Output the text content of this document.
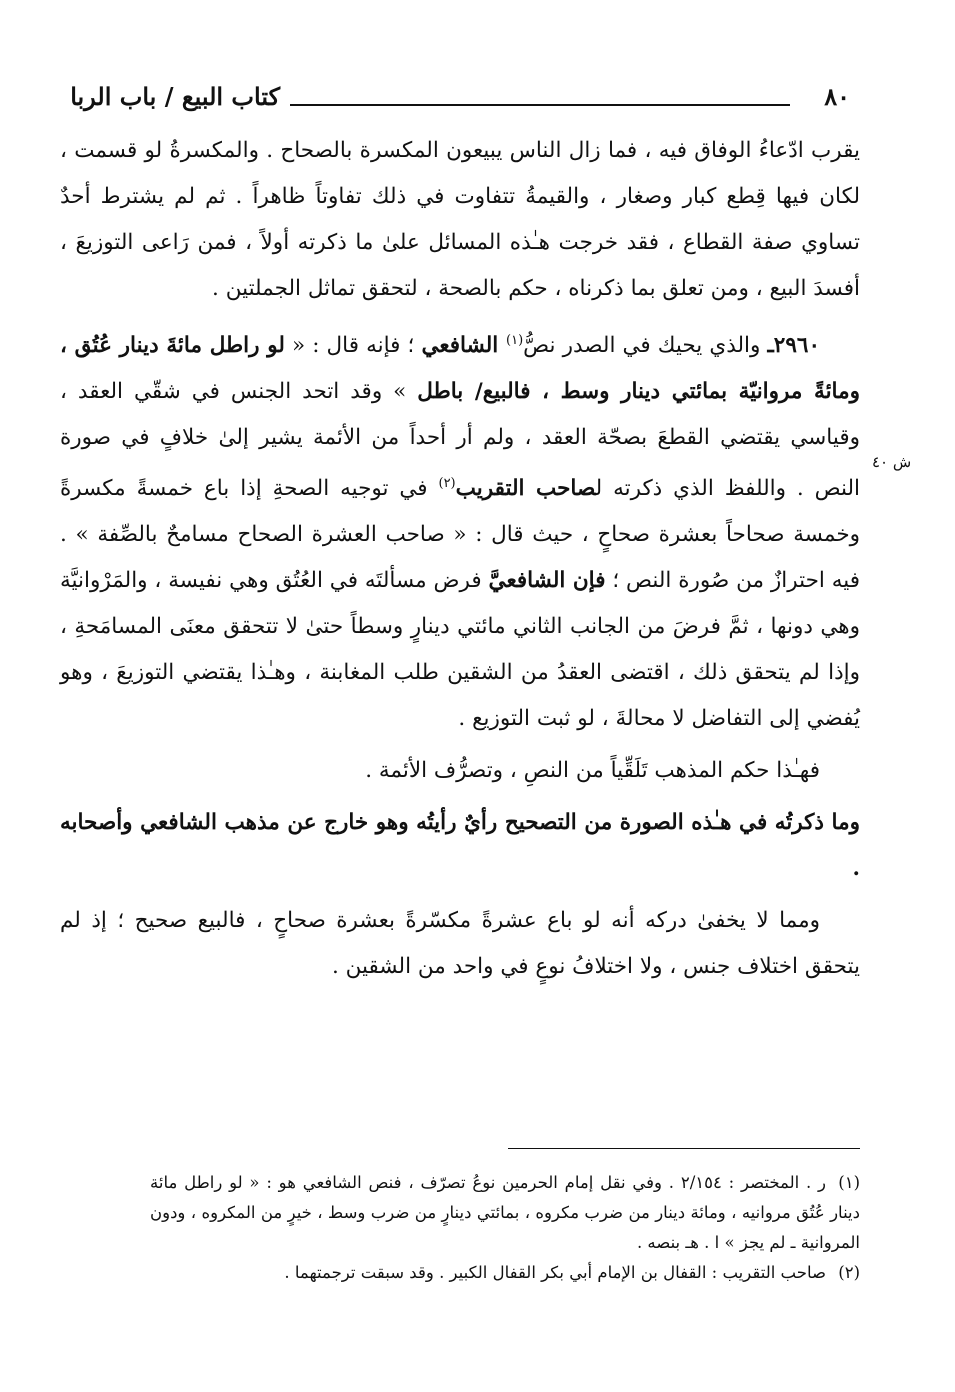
كتاب البيع / باب الربا	٨٠
ش ٤٠

يقرب ادّعاءُ الوفاق فيه ، فما زال الناس يبيعون المكسرة بالصحاح . والمكسرةُ لو قسمت ، لكان فيها قِطع كبار وصغار ، والقيمةُ تتفاوت في ذلك تفاوتاً ظاهراً . ثم لم يشترط أحدٌ تساوي صفة القطاع ، فقد خرجت هـٰذه المسائل علىٰ ما ذكرته أولاً ، فمن رَاعى التوزيعَ ، أفسدَ البيع ، ومن تعلق بما ذكرناه ، حكم بالصحة ، لتحقق تماثل الجملتين .

٢٩٦٠ـ والذي يحيك في الصدر نصُّ$^{(١)}$ الشافعي ؛ فإنه قال : « لو راطل مائةَ دينار عُتُق ، ومائةً مروانيّة بمائتي دينار وسط ، فالبيع/ باطل » وقد اتحد الجنس في شقّي العقد ، وقياسي يقتضي القطعَ بصحّة العقد ، ولم أر أحداً من الأئمة يشير إلىٰ خلافٍ في صورة النص . واللفظ الذي ذكرته لصاحب التقريب$^{(٢)}$ في توجيه الصحةِ إذا باع خمسةً مكسرةً وخمسة صحاحاً بعشرة صحاحٍ ، حيث قال : « صاحب العشرة الصحاح مسامحٌ بالصِّفة » . فيه احترازٌ من صُورة النص ؛ فإن الشافعيَّ فرض مسألتَه في العُتُق وهي نفيسة ، والمَرْوانيَّة وهي دونها ، ثمَّ فرضَ من الجانب الثاني مائتي دينارٍ وسطاً حتىٰ لا تتحقق معنَى المسامَحةِ ، وإذا لم يتحقق ذلك ، اقتضى العقدُ من الشقين طلب المغابنة ، وهـٰذا يقتضي التوزيعَ ، وهو يُفضي إلى التفاضل لا محالةَ ، لو ثبت التوزيع .

فهـٰذا حكم المذهب تَلَقِّياً من النصِ ، وتصرُّف الأئمة .

وما ذكرتُه في هـٰذه الصورة من التصحيح رأيٌ رأيتُه وهو خارج عن مذهب الشافعي وأصحابه .

ومما لا يخفىٰ دركه أنه لو باع عشرةً مكسّرةً بعشرة صحاحٍ ، فالبيع صحيح ؛ إذ لم يتحقق اختلاف جنس ، ولا اختلافُ نوعٍ في واحد من الشقين .

(١)ر . المختصر : ٢/١٥٤ . وفي نقل إمام الحرمين نوعُ تصرّف ، فنص الشافعي هو : « لو راطل مائة دينار عُتُق مروانيه ، ومائة دينار من ضرب مكروه ، بمائتي دينارٍ من ضرب وسط ، خيرٍ من المكروه ، ودون المروانية ـ لم يجز » ا . هـ بنصه .

(٢)صاحب التقريب : القفال بن الإمام أبي بكر القفال الكبير . وقد سبقت ترجمتهما .
